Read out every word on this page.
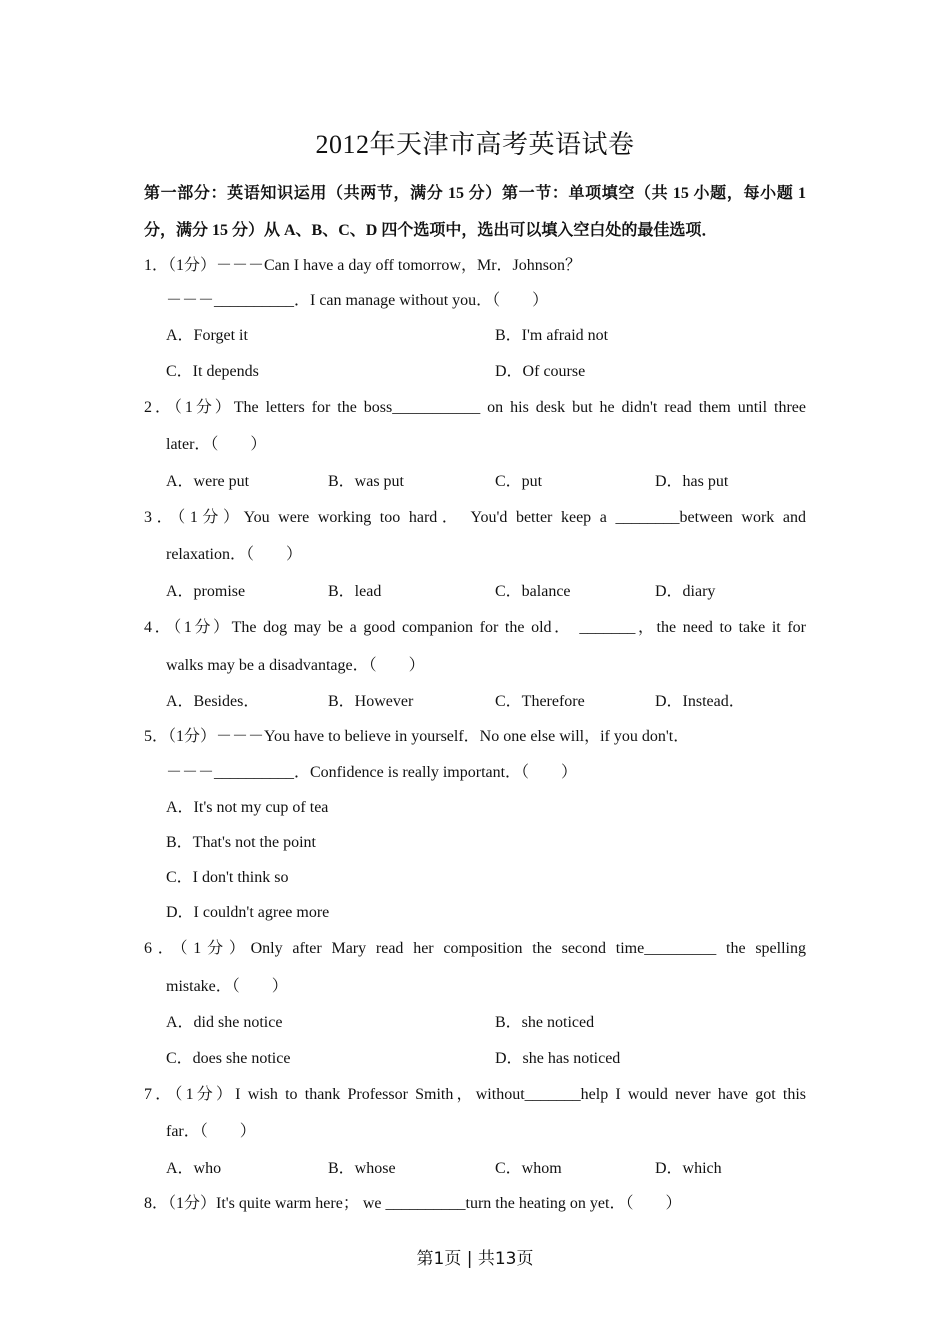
2012年天津市高考英语试卷
第一部分：英语知识运用（共两节，满分 15 分）第一节：单项填空（共 15 小题，每小题 1
分，满分 15 分）从 A、B、C、D 四个选项中，选出可以填入空白处的最佳选项．
1．（1分）－－－Can I have a day off tomorrow，Mr．Johnson？
－－－__________．I can manage without you．（　　）
A．Forget it	B．I'm afraid not
C．It depends	D．Of course
2．（1分）The letters for the boss___________ on his desk but he didn't read them until three
later．（　　）
A．were put	B．was put	C．put	D．has put
3．（1分）You were working too hard． You'd better keep a ________between work and
relaxation．（　　）
A．promise	B．lead	C．balance	D．diary
4．（1分）The dog may be a good companion for the old． _______，the need to take it for
walks may be a disadvantage．（　　）
A．Besides．	B．However	C．Therefore	D．Instead．
5．（1分）－－－You have to believe in yourself．No one else will，if you don't．
－－－__________．Confidence is really important．（　　）
A．It's not my cup of tea
B．That's not the point
C．I don't think so
D．I couldn't agree more
6．（1分）Only after Mary read her composition the second time_________ the spelling
mistake．（　　）
A．did she notice	B．she noticed
C．does she notice	D．she has noticed
7．（1分）I wish to thank Professor Smith，without_______help I would never have got this
far．（　　）
A．who	B．whose	C．whom	D．which
8．（1分）It's quite warm here； we __________turn the heating on yet．（　　）
第1页 | 共13页
